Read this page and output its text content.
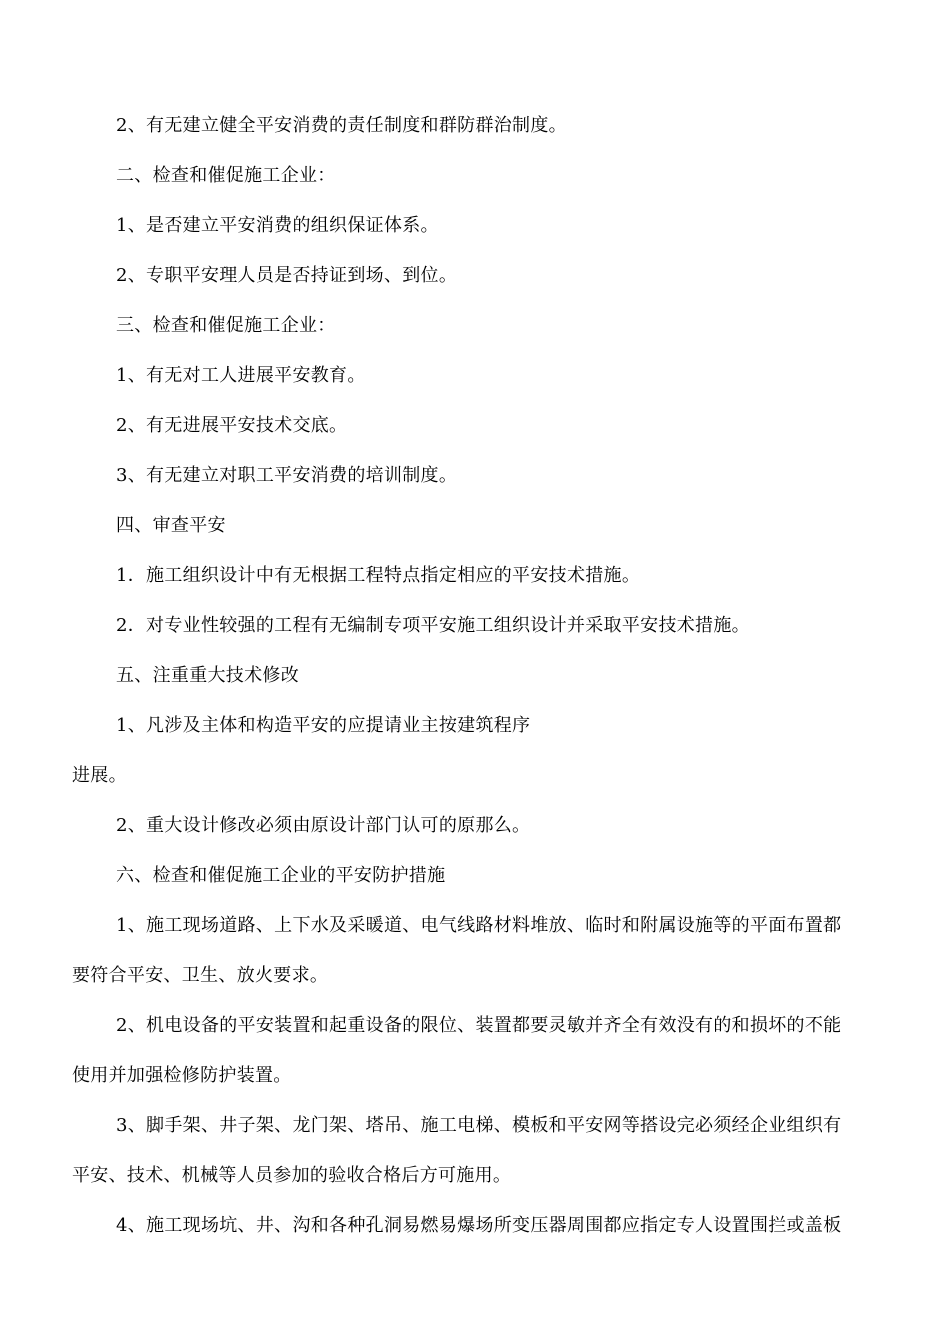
2、有无建立健全平安消费的责任制度和群防群治制度。
二、检查和催促施工企业：
1、是否建立平安消费的组织保证体系。
2、专职平安理人员是否持证到场、到位。
三、检查和催促施工企业：
1、有无对工人进展平安教育。
2、有无进展平安技术交底。
3、有无建立对职工平安消费的培训制度。
四、审查平安
1．施工组织设计中有无根据工程特点指定相应的平安技术措施。
2．对专业性较强的工程有无编制专项平安施工组织设计并采取平安技术措施。
五、注重重大技术修改
1、凡涉及主体和构造平安的应提请业主按建筑程序
进展。
2、重大设计修改必须由原设计部门认可的原那么。
六、检查和催促施工企业的平安防护措施
1、施工现场道路、上下水及采暖道、电气线路材料堆放、临时和附属设施等的平面布置都
要符合平安、卫生、放火要求。
2、机电设备的平安装置和起重设备的限位、装置都要灵敏并齐全有效没有的和损坏的不能
使用并加强检修防护装置。
3、脚手架、井子架、龙门架、塔吊、施工电梯、模板和平安网等搭设完必须经企业组织有
平安、技术、机械等人员参加的验收合格后方可施用。
4、施工现场坑、井、沟和各种孔洞易燃易爆场所变压器周围都应指定专人设置围拦或盖板
